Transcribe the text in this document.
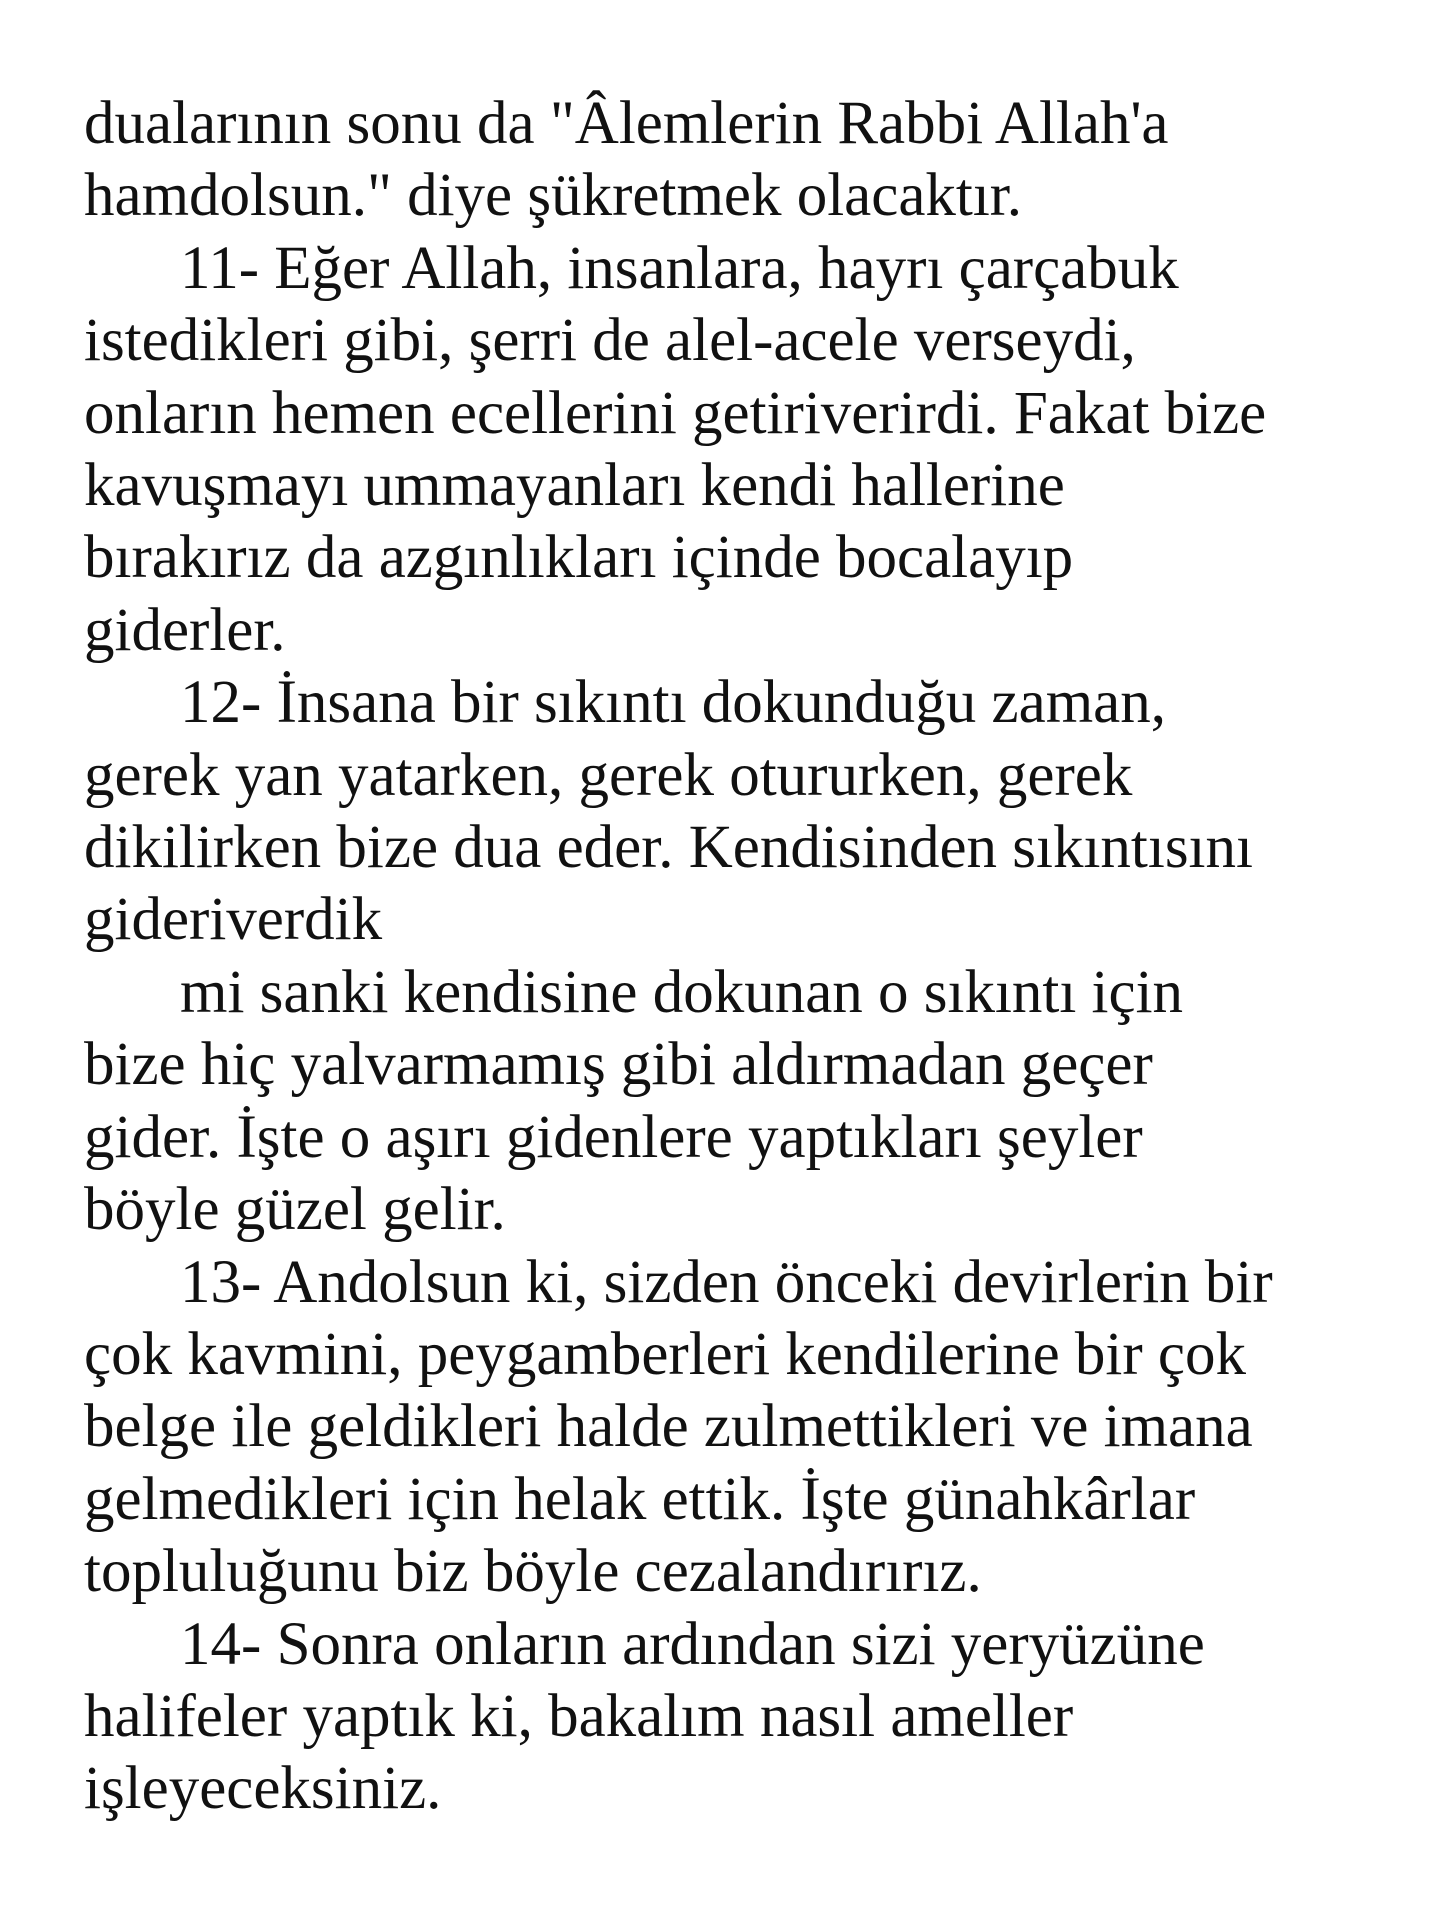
dualarının sonu da "Âlemlerin Rabbi Allah'a
hamdolsun." diye şükretmek olacaktır.
11- Eğer Allah, insanlara, hayrı çarçabuk
istedikleri gibi, şerri de alel-acele verseydi,
onların hemen ecellerini getiriverirdi. Fakat bize
kavuşmayı ummayanları kendi hallerine
bırakırız da azgınlıkları içinde bocalayıp
giderler.
12- İnsana bir sıkıntı dokunduğu zaman,
gerek yan yatarken, gerek otururken, gerek
dikilirken bize dua eder. Kendisinden sıkıntısını
gideriverdik
mi sanki kendisine dokunan o sıkıntı için
bize hiç yalvarmamış gibi aldırmadan geçer
gider. İşte o aşırı gidenlere yaptıkları şeyler
böyle güzel gelir.
13- Andolsun ki, sizden önceki devirlerin bir
çok kavmini, peygamberleri kendilerine bir çok
belge ile geldikleri halde zulmettikleri ve imana
gelmedikleri için helak ettik. İşte günahkârlar
topluluğunu biz böyle cezalandırırız.
14- Sonra onların ardından sizi yeryüzüne
halifeler yaptık ki, bakalım nasıl ameller
işleyeceksiniz.
